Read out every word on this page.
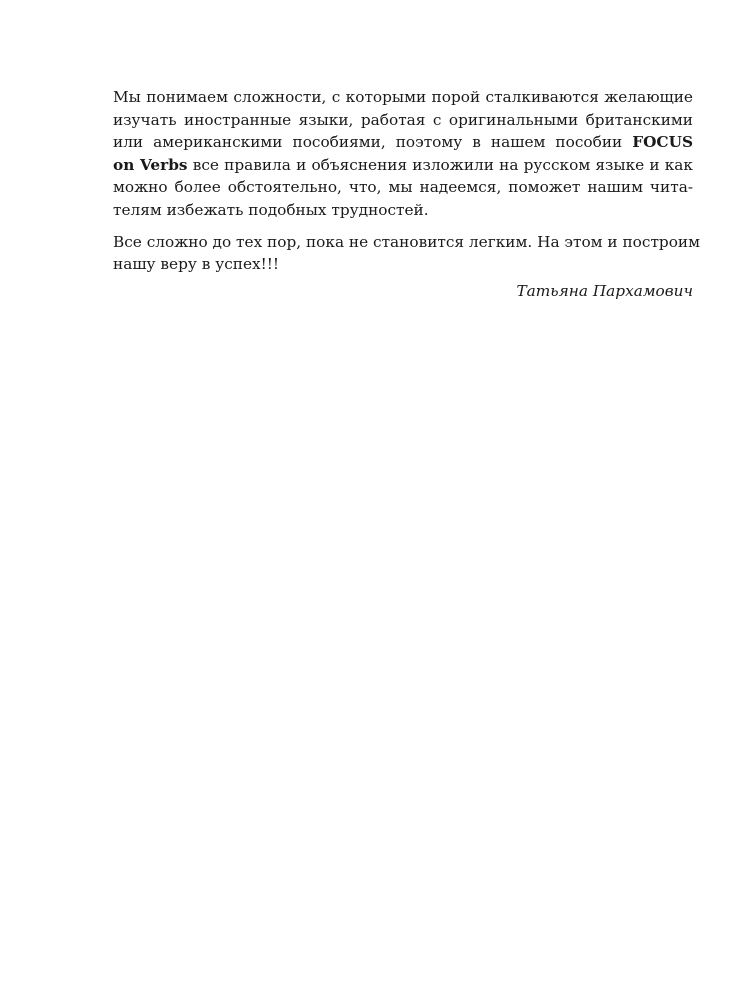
Мы понимаем сложности, с которыми порой сталкиваются желающие
изучать иностранные языки, работая с оригинальными британскими
или американскими пособиями, поэтому в нашем пособии FOCUS
on Verbs все правила и объяснения изложили на русском языке и как
можно более обстоятельно, что, мы надеемся, поможет нашим чита-
телям избежать подобных трудностей.

Все сложно до тех пор, пока не становится легким. На этом и построим
нашу веру в успех!!!

Татьяна Пархамович
